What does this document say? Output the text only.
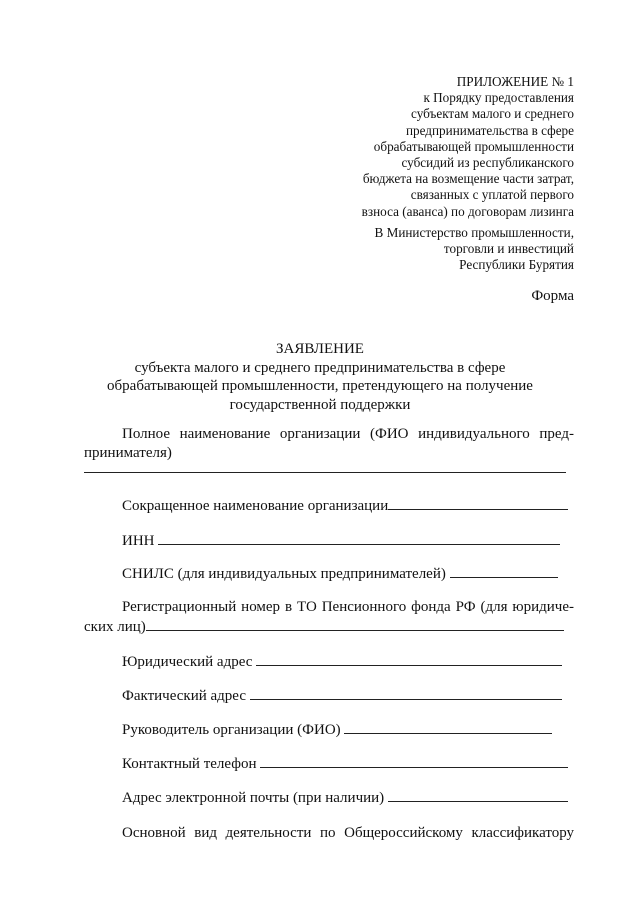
ПРИЛОЖЕНИЕ № 1
к Порядку предоставления
субъектам малого и среднего
предпринимательства в сфере
обрабатывающей промышленности
субсидий из республиканского
бюджета на возмещение части затрат,
связанных с уплатой первого
взноса (аванса) по договорам лизинга
В Министерство промышленности,
торговли и инвестиций
Республики Бурятия
Форма
ЗАЯВЛЕНИЕ
субъекта малого и среднего предпринимательства в сфере
обрабатывающей промышленности, претендующего на получение
государственной поддержки
Полное наименование организации (ФИО индивидуального пред-
принимателя)
Сокращенное наименование организации
ИНН
СНИЛС (для индивидуальных предпринимателей)
Регистрационный номер в ТО Пенсионного фонда РФ (для юридиче-
ских лиц)
Юридический адрес
Фактический адрес
Руководитель организации (ФИО)
Контактный телефон
Адрес электронной почты (при наличии)
Основной вид деятельности по Общероссийскому классификатору
